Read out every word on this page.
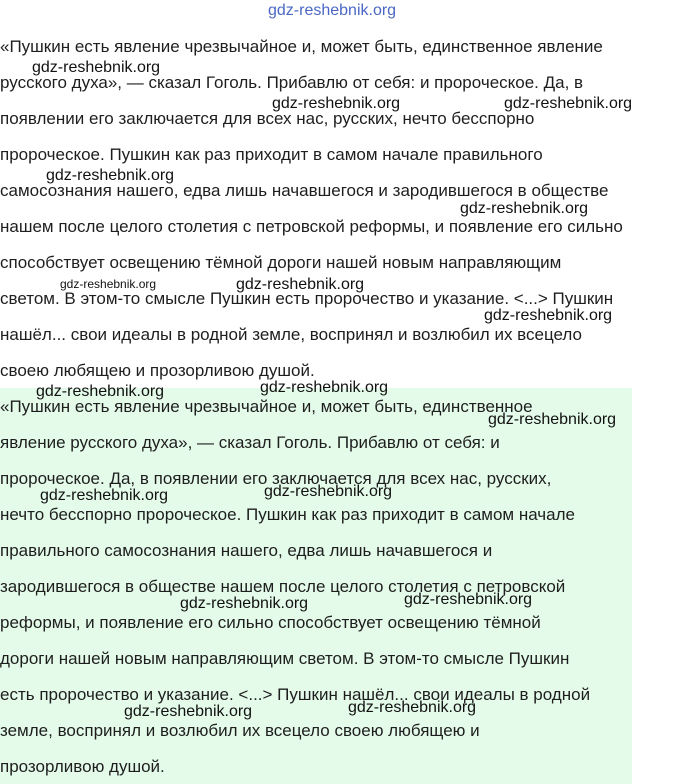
gdz-reshebnik.org
«Пушкин есть явление чрезвычайное и, может быть, единственное явление
русского духа», — сказал Гоголь. Прибавлю от себя: и пророческое. Да, в
появлении его заключается для всех нас, русских, нечто бесспорно
пророческое. Пушкин как раз приходит в самом начале правильного
самосознания нашего, едва лишь начавшегося и зародившегося в обществе
нашем после целого столетия с петровской реформы, и появление его сильно
способствует освещению тёмной дороги нашей новым направляющим
светом. В этом-то смысле Пушкин есть пророчество и указание. <...> Пушкин
нашёл... свои идеалы в родной земле, воспринял и возлюбил их всецело
своею любящею и прозорливою душой.
«Пушкин есть явление чрезвычайное и, может быть, единственное
явление русского духа», — сказал Гоголь. Прибавлю от себя: и
пророческое. Да, в появлении его заключается для всех нас, русских,
нечто бесспорно пророческое. Пушкин как раз приходит в самом начале
правильного самосознания нашего, едва лишь начавшегося и
зародившегося в обществе нашем после целого столетия с петровской
реформы, и появление его сильно способствует освещению тёмной
дороги нашей новым направляющим светом. В этом-то смысле Пушкин
есть пророчество и указание. <...> Пушкин нашёл... свои идеалы в родной
земле, воспринял и возлюбил их всецело своею любящею и
прозорливою душой.
gdz-reshebnik.org
gdz-reshebnik.org	gdz-reshebnik.org
gdz-reshebnik.org
gdz-reshebnik.org
gdz-reshebnik.org	gdz-reshebnik.org
gdz-reshebnik.org
gdz-reshebnik.org	gdz-reshebnik.org
gdz-reshebnik.org
gdz-reshebnik.org	gdz-reshebnik.org
gdz-reshebnik.org	gdz-reshebnik.org
gdz-reshebnik.org	gdz-reshebnik.org
